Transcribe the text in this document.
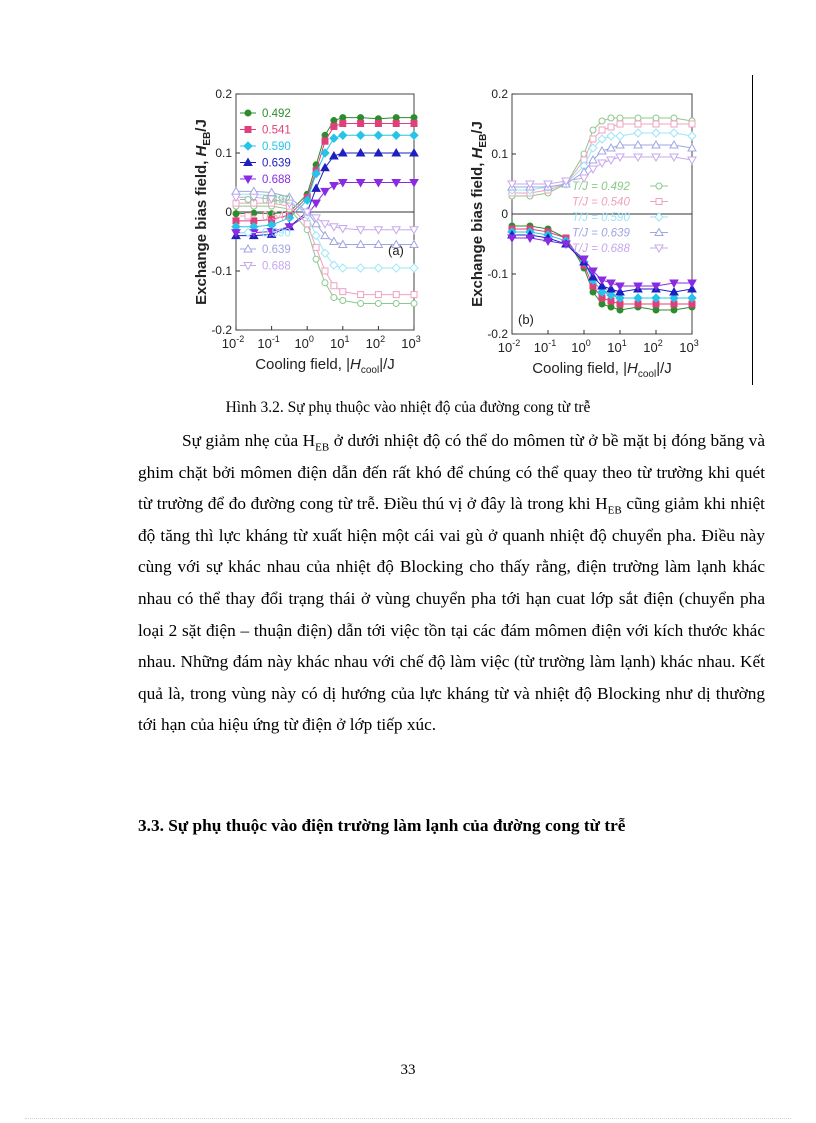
0.2
0.1
0
-0.1
-0.2
$10^{-2}$ $10^{-1}$ $10^0$ $10^1$ $10^2$ $10^3$
Cooling field, $|H_{cool}|/J$
Exchange bias field, $H_{EB}/J$
0.492
0.541
0.590
0.639
0.688
0.492
0.541
0.590
0.639
0.688
(a)
0.2
0.1
0
-0.1
-0.2
$10^{-2}$ $10^{-1}$ $10^0$ $10^1$ $10^2$ $10^3$
Cooling field, $|H_{cool}|/J$
Exchange bias field, $H_{EB}/J$
T/J = 0.492
T/J = 0.540
T/J = 0.590
T/J = 0.639
T/J = 0.688
(b)
Hình 3.2. Sự phụ thuộc vào nhiệt độ của đường cong từ trễ

Sự giảm nhẹ của $H_{EB}$ ở dưới nhiệt độ có thể do mômen từ ở bề mặt bị đóng băng và ghim chặt bởi mômen điện dẫn đến rất khó để chúng có thể quay theo từ trường khi quét từ trường để đo đường cong từ trễ. Điều thú vị ở đây là trong khi $H_{EB}$ cũng giảm khi nhiệt độ tăng thì lực kháng từ xuất hiện một cái vai gù ở quanh nhiệt độ chuyển pha. Điều này cùng với sự khác nhau của nhiệt độ Blocking cho thấy rằng, điện trường làm lạnh khác nhau có thể thay đổi trạng thái ở vùng chuyển pha tới hạn cuat lớp sắt điện (chuyển pha loại 2 sặt điện – thuận điện) dẫn tới việc tồn tại các đám mômen điện với kích thước khác nhau. Những đám này khác nhau với chế độ làm việc (từ trường làm lạnh) khác nhau. Kết quả là, trong vùng này có dị hướng của lực kháng từ và nhiệt độ Blocking như dị thường tới hạn của hiệu ứng từ điện ở lớp tiếp xúc.

3.3. Sự phụ thuộc vào điện trường làm lạnh của đường cong từ trễ
33
